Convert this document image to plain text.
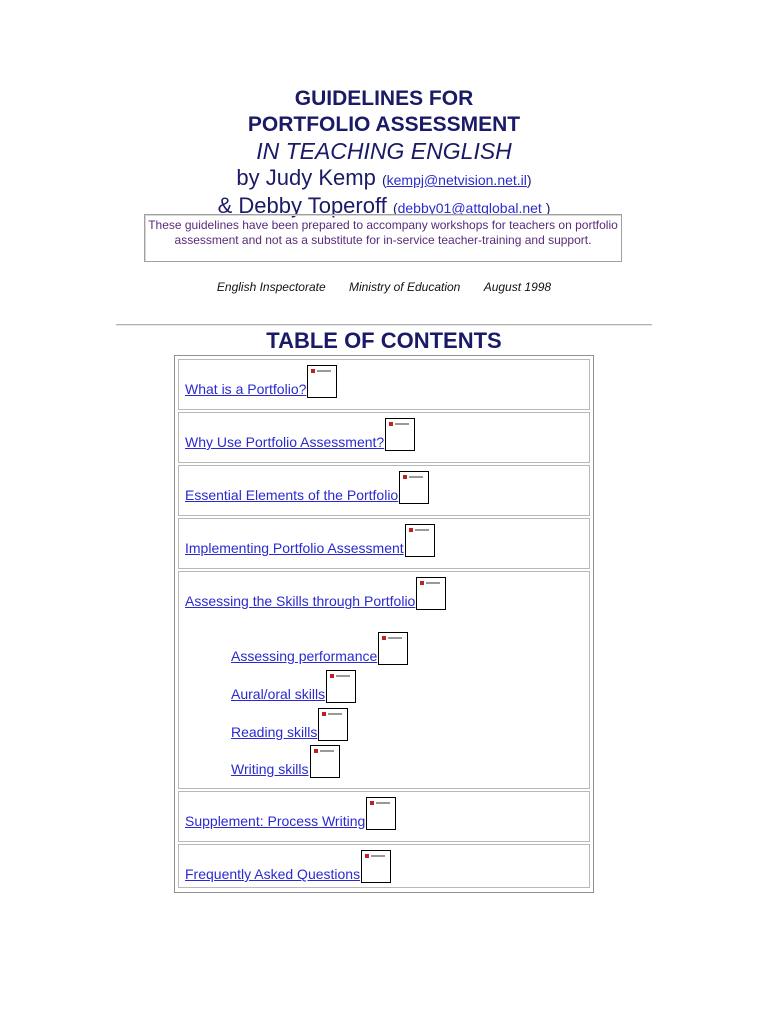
GUIDELINES FOR
PORTFOLIO ASSESSMENT
IN TEACHING ENGLISH
by Judy Kemp (kempj@netvision.net.il)
& Debby Toperoff (debby01@attglobal.net )
These guidelines have been prepared to accompany workshops for teachers on portfolio assessment and not as a substitute for in-service teacher-training and support.
English Inspectorate Ministry of Education August 1998
TABLE OF CONTENTS
What is a Portfolio?
Why Use Portfolio Assessment?
Essential Elements of the Portfolio
Implementing Portfolio Assessment
Assessing the Skills through Portfolio
Assessing performance
Aural/oral skills
Reading skills
Writing skills
Supplement: Process Writing
Frequently Asked Questions
